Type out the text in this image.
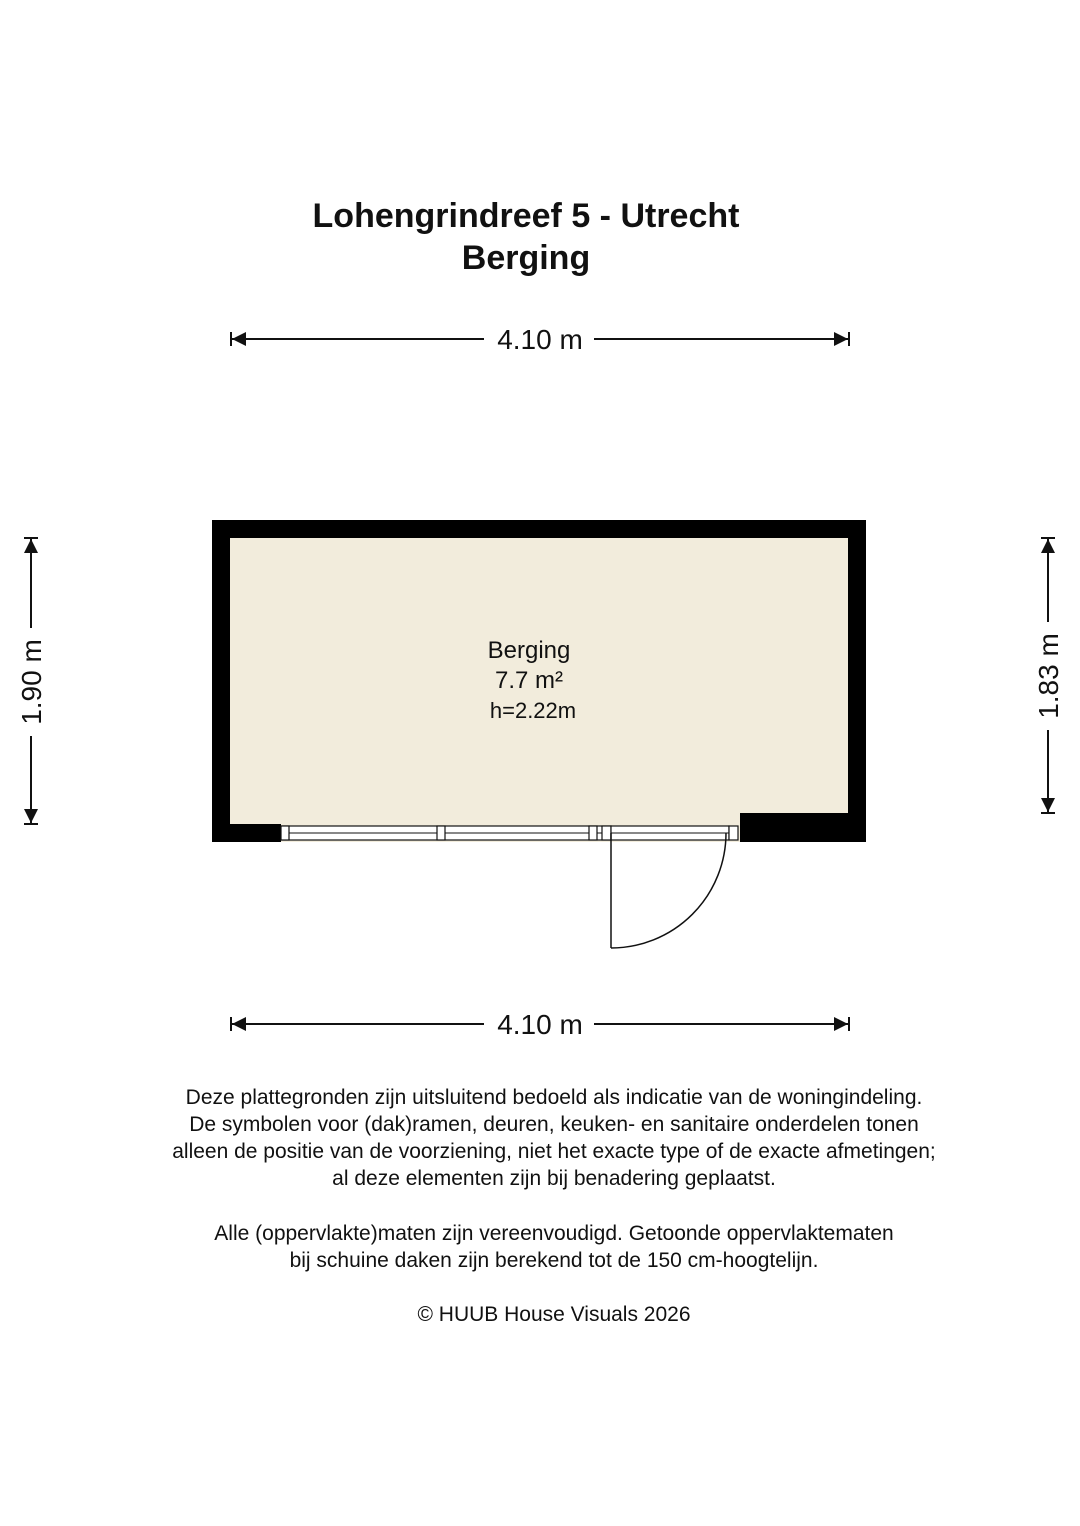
Lohengrindreef 5 - Utrecht
Berging
4.10 m
4.10 m
1.90 m	1.83 m
Berging
7.7 m²
h=2.22m

Deze plattegronden zijn uitsluitend bedoeld als indicatie van de woningindeling.

De symbolen voor (dak)ramen, deuren, keuken- en sanitaire onderdelen tonen

alleen de positie van de voorziening, niet het exacte type of de exacte afmetingen;

al deze elementen zijn bij benadering geplaatst.

Alle (oppervlakte)maten zijn vereenvoudigd. Getoonde oppervlaktematen

bij schuine daken zijn berekend tot de 150 cm-hoogtelijn.

© HUUB House Visuals 2026
